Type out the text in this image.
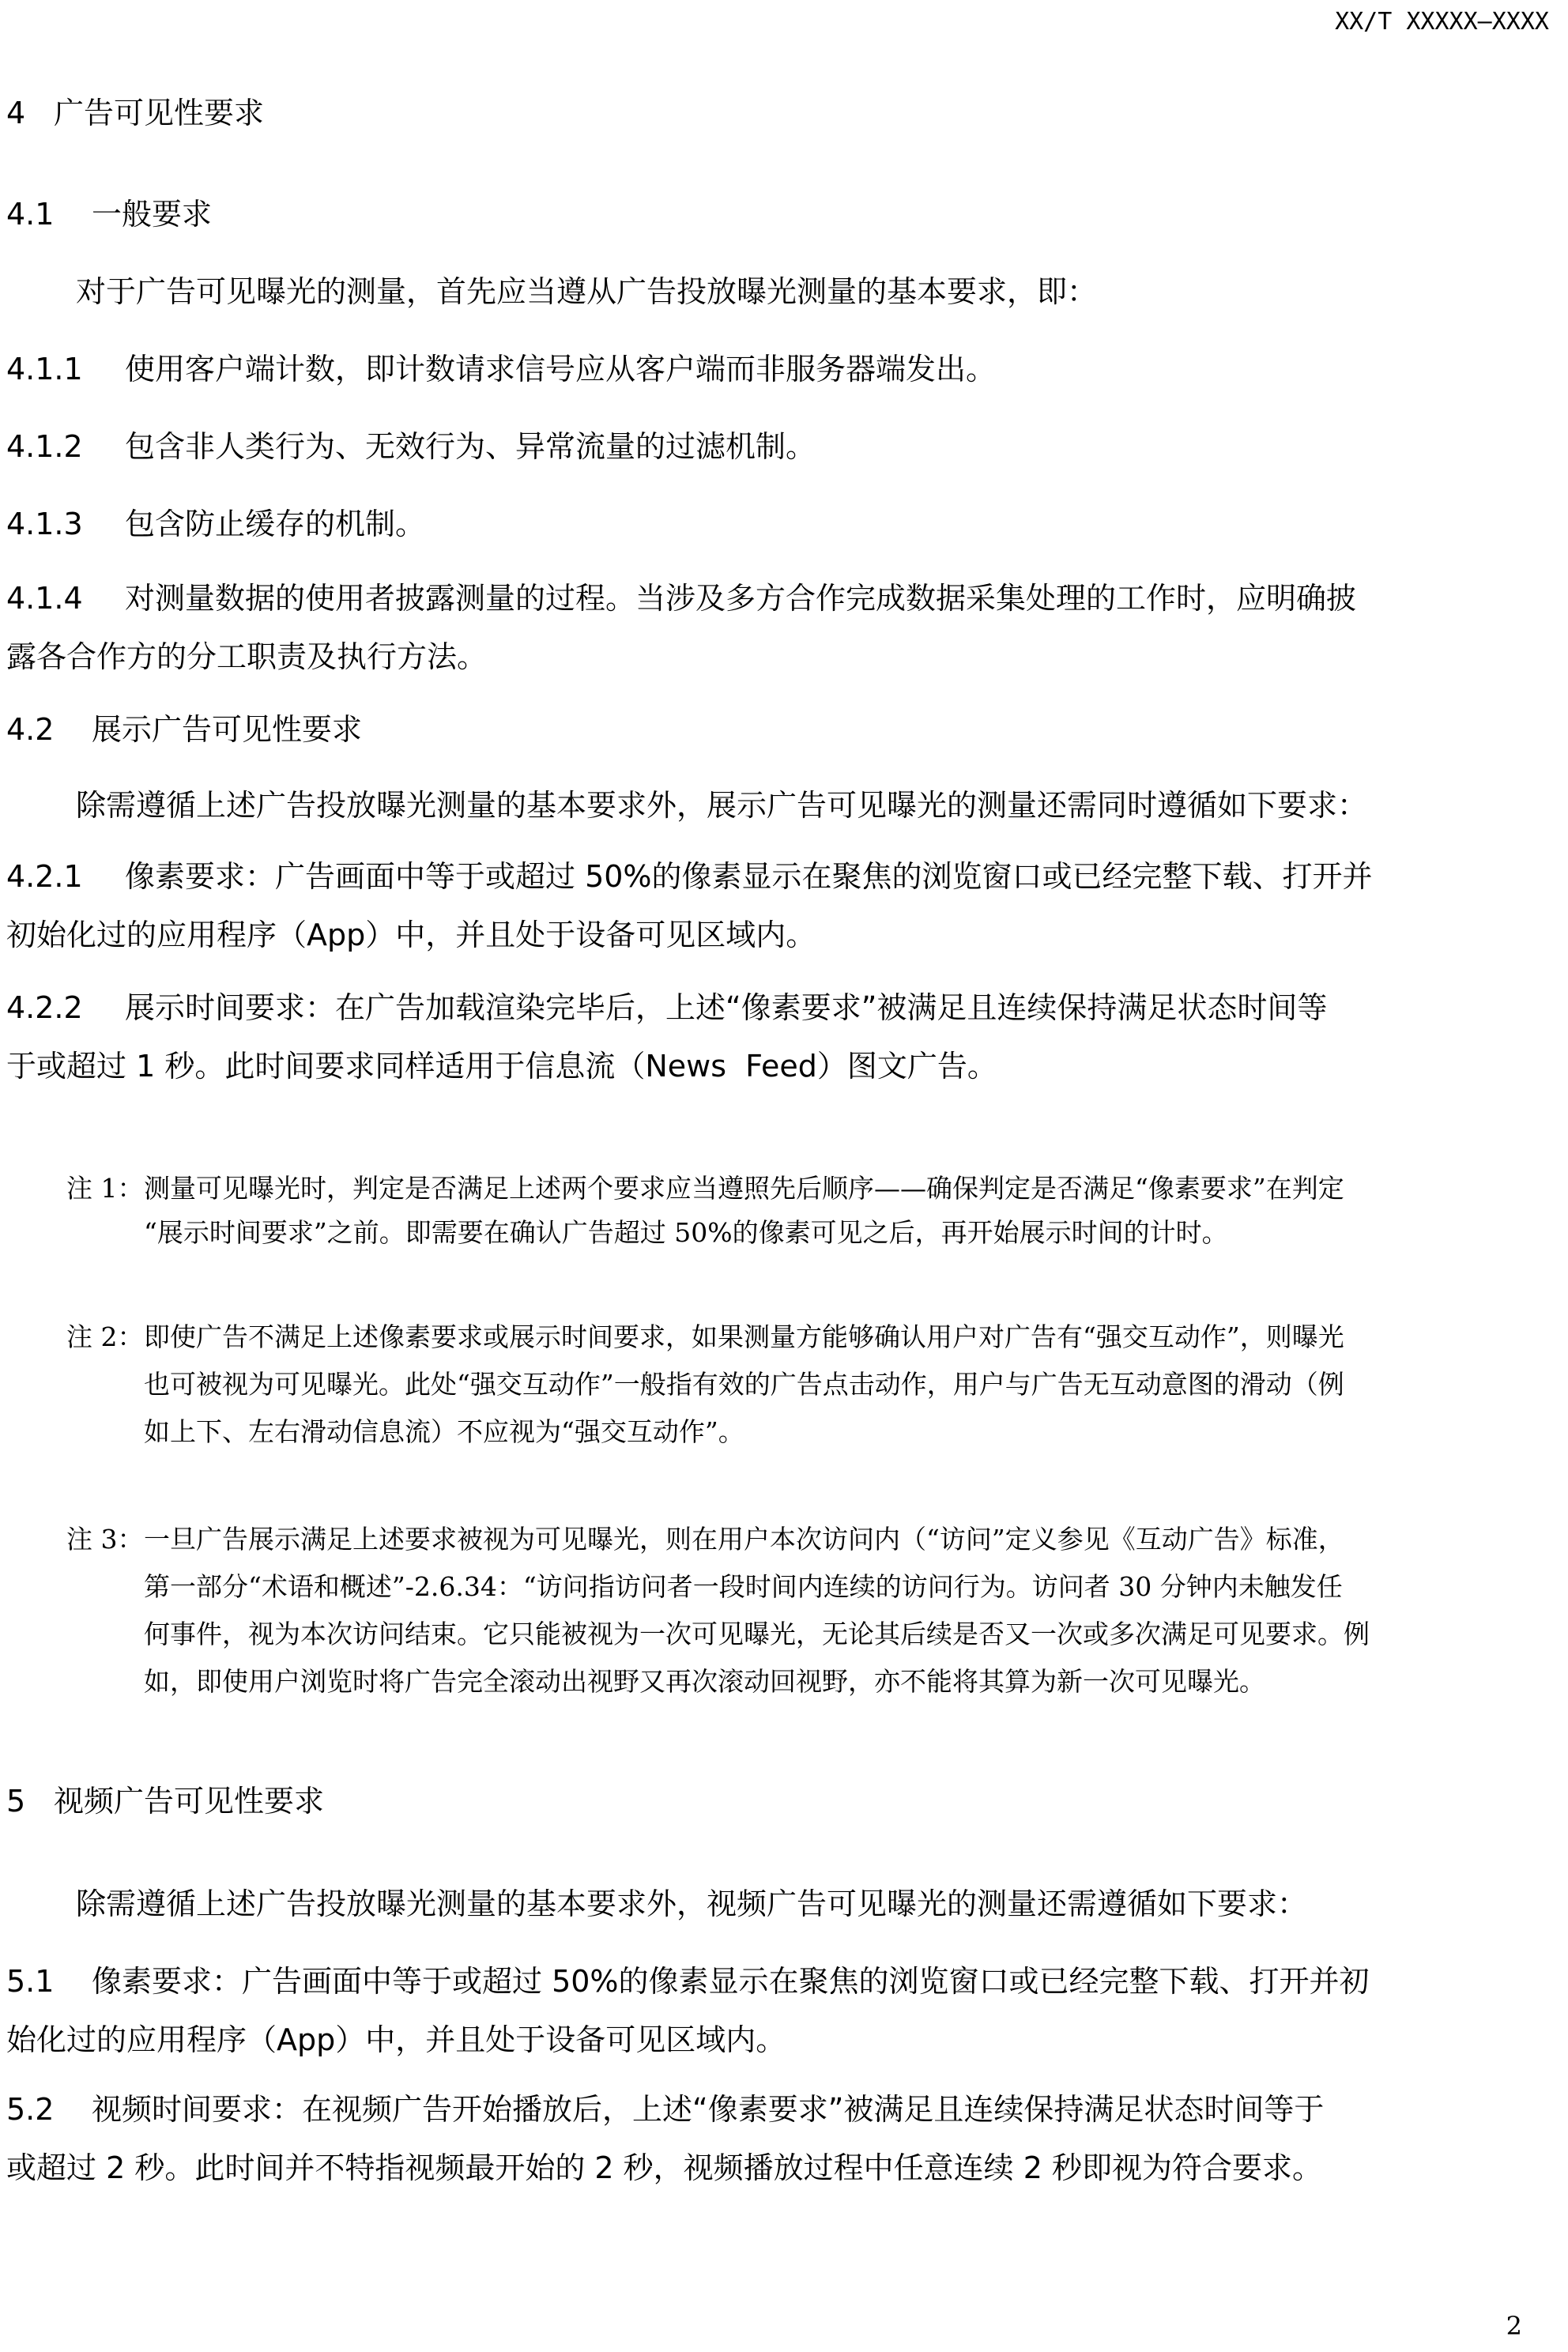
XX/T XXXXX—XXXX
4 广告可见性要求
4.1 一般要求
对于广告可见曝光的测量，首先应当遵从广告投放曝光测量的基本要求，即：
4.1.1 使用客户端计数，即计数请求信号应从客户端而非服务器端发出。
4.1.2 包含非人类行为、无效行为、异常流量的过滤机制。
4.1.3 包含防止缓存的机制。
4.1.4 对测量数据的使用者披露测量的过程。当涉及多方合作完成数据采集处理的工作时，应明确披
露各合作方的分工职责及执行方法。
4.2 展示广告可见性要求
除需遵循上述广告投放曝光测量的基本要求外，展示广告可见曝光的测量还需同时遵循如下要求：
4.2.1 像素要求：广告画面中等于或超过 50%的像素显示在聚焦的浏览窗口或已经完整下载、打开并
初始化过的应用程序（App）中，并且处于设备可见区域内。
4.2.2 展示时间要求：在广告加载渲染完毕后，上述“像素要求”被满足且连续保持满足状态时间等
于或超过 1 秒。此时间要求同样适用于信息流（News  Feed）图文广告。
注 1： 测量可见曝光时，判定是否满足上述两个要求应当遵照先后顺序——确保判定是否满足“像素要求”在判定
“展示时间要求”之前。即需要在确认广告超过 50%的像素可见之后，再开始展示时间的计时。
注 2： 即使广告不满足上述像素要求或展示时间要求，如果测量方能够确认用户对广告有“强交互动作”，则曝光
也可被视为可见曝光。此处“强交互动作”一般指有效的广告点击动作，用户与广告无互动意图的滑动（例
如上下、左右滑动信息流）不应视为“强交互动作”。
注 3： 一旦广告展示满足上述要求被视为可见曝光，则在用户本次访问内（“访问”定义参见《互动广告》标准，
第一部分“术语和概述”-2.6.34：“访问指访问者一段时间内连续的访问行为。访问者 30 分钟内未触发任
何事件，视为本次访问结束。它只能被视为一次可见曝光，无论其后续是否又一次或多次满足可见要求。例
如，即使用户浏览时将广告完全滚动出视野又再次滚动回视野，亦不能将其算为新一次可见曝光。
5 视频广告可见性要求
除需遵循上述广告投放曝光测量的基本要求外，视频广告可见曝光的测量还需遵循如下要求：
5.1 像素要求：广告画面中等于或超过 50%的像素显示在聚焦的浏览窗口或已经完整下载、打开并初
始化过的应用程序（App）中，并且处于设备可见区域内。
5.2 视频时间要求：在视频广告开始播放后，上述“像素要求”被满足且连续保持满足状态时间等于
或超过 2 秒。此时间并不特指视频最开始的 2 秒，视频播放过程中任意连续 2 秒即视为符合要求。
2
